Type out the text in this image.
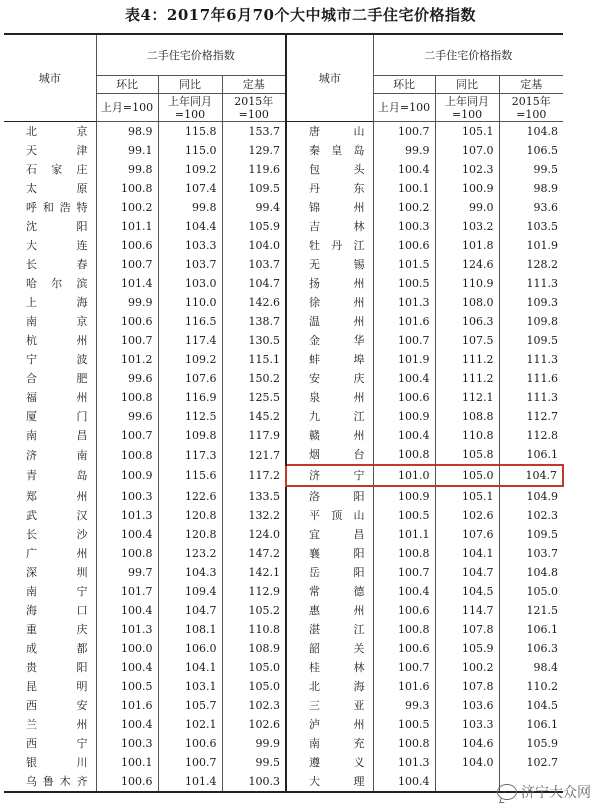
表4：2017年6月70个大中城市二手住宅价格指数
城市	二手住宅价格指数			城市	二手住宅价格指数		
	环比	同比	定基		环比	同比	定基
	上月=100	上年同月=100	2015年=100		上月=100	上年同月=100	2015年=100
北京	98.9	115.8	153.7	唐山	100.7	105.1	104.8
天津	99.1	115.0	129.7	秦皇岛	99.9	107.0	106.5
石家庄	99.8	109.2	119.6	包头	100.4	102.3	99.5
太原	100.8	107.4	109.5	丹东	100.1	100.9	98.9
呼和浩特	100.2	99.8	99.4	锦州	100.2	99.0	93.6
沈阳	101.1	104.4	105.9	吉林	100.3	103.2	103.5
大连	100.6	103.3	104.0	牡丹江	100.6	101.8	101.9
长春	100.7	103.7	103.7	无锡	101.5	124.6	128.2
哈尔滨	101.4	103.0	104.7	扬州	100.5	110.9	111.3
上海	99.9	110.0	142.6	徐州	101.3	108.0	109.3
南京	100.6	116.5	138.7	温州	101.6	106.3	109.8
杭州	100.7	117.4	130.5	金华	100.7	107.5	109.5
宁波	101.2	109.2	115.1	蚌埠	101.9	111.2	111.3
合肥	99.6	107.6	150.2	安庆	100.4	111.2	111.6
福州	100.8	116.9	125.5	泉州	100.6	112.1	111.3
厦门	99.6	112.5	145.2	九江	100.9	108.8	112.7
南昌	100.7	109.8	117.9	赣州	100.4	110.8	112.8
济南	100.8	117.3	121.7	烟台	100.8	105.8	106.1
青岛	100.9	115.6	117.2	济宁	101.0	105.0	104.7
郑州	100.3	122.6	133.5	洛阳	100.9	105.1	104.9
武汉	101.3	120.8	132.2	平顶山	100.5	102.6	102.3
长沙	100.4	120.8	124.0	宜昌	101.1	107.6	109.5
广州	100.8	123.2	147.2	襄阳	100.8	104.1	103.7
深圳	99.7	104.3	142.1	岳阳	100.7	104.7	104.8
南宁	101.7	109.4	112.9	常德	100.4	104.5	105.0
海口	100.4	104.7	105.2	惠州	100.6	114.7	121.5
重庆	101.3	108.1	110.8	湛江	100.8	107.8	106.1
成都	100.0	106.0	108.9	韶关	100.6	105.9	106.3
贵阳	100.4	104.1	105.0	桂林	100.7	100.2	98.4
昆明	100.5	103.1	105.0	北海	101.6	107.8	110.2
西安	101.6	105.7	102.3	三亚	99.3	103.6	104.5
兰州	100.4	102.1	102.6	泸州	100.5	103.3	106.1
西宁	100.3	100.6	99.9	南充	100.8	104.6	105.9
银川	100.1	100.7	99.5	遵义	101.3	104.0	102.7
乌鲁木齐	100.6	101.4	100.3	大理	100.4		
济宁大众网
